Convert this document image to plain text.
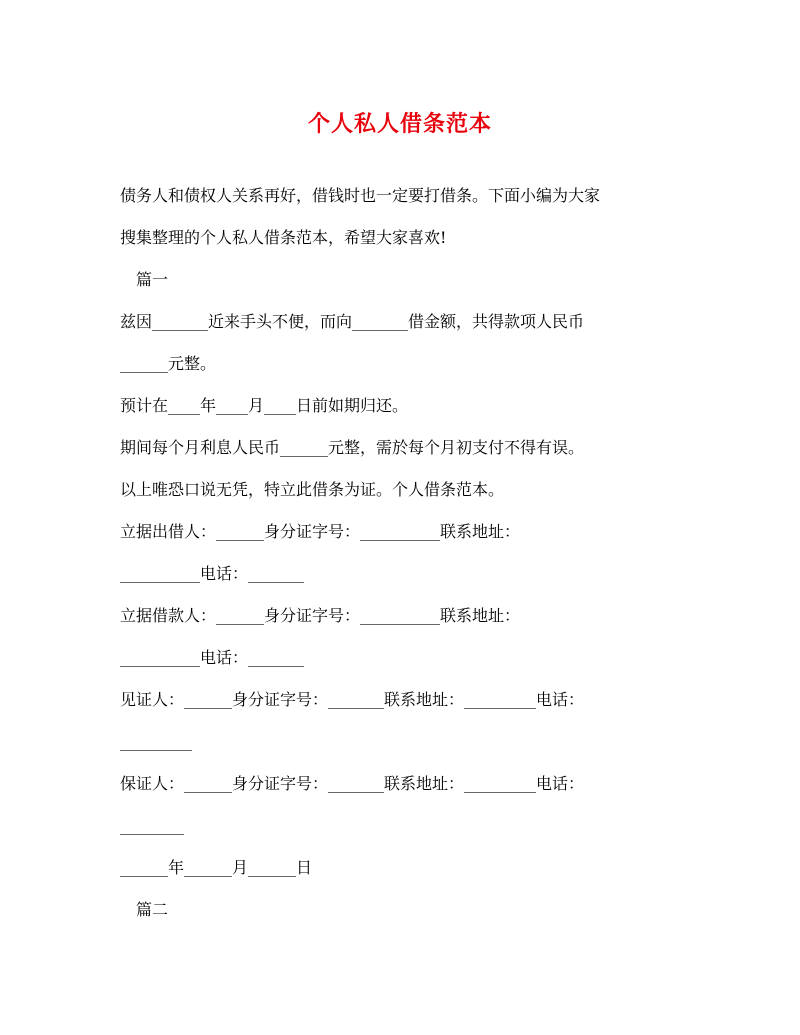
个人私人借条范本
债务人和债权人关系再好，借钱时也一定要打借条。下面小编为大家
搜集整理的个人私人借条范本，希望大家喜欢!
篇一
兹因_______近来手头不便，而向_______借金额，共得款项人民币
______元整。
预计在____年____月____日前如期归还。
期间每个月利息人民币______元整，需於每个月初支付不得有误。
以上唯恐口说无凭，特立此借条为证。个人借条范本。
立据出借人：______身分证字号：__________联系地址：
__________电话：_______
立据借款人：______身分证字号：__________联系地址：
__________电话：_______
见证人：______身分证字号：_______联系地址：_________电话：
_________
保证人：______身分证字号：_______联系地址：_________电话：
________
______年______月______日
篇二
